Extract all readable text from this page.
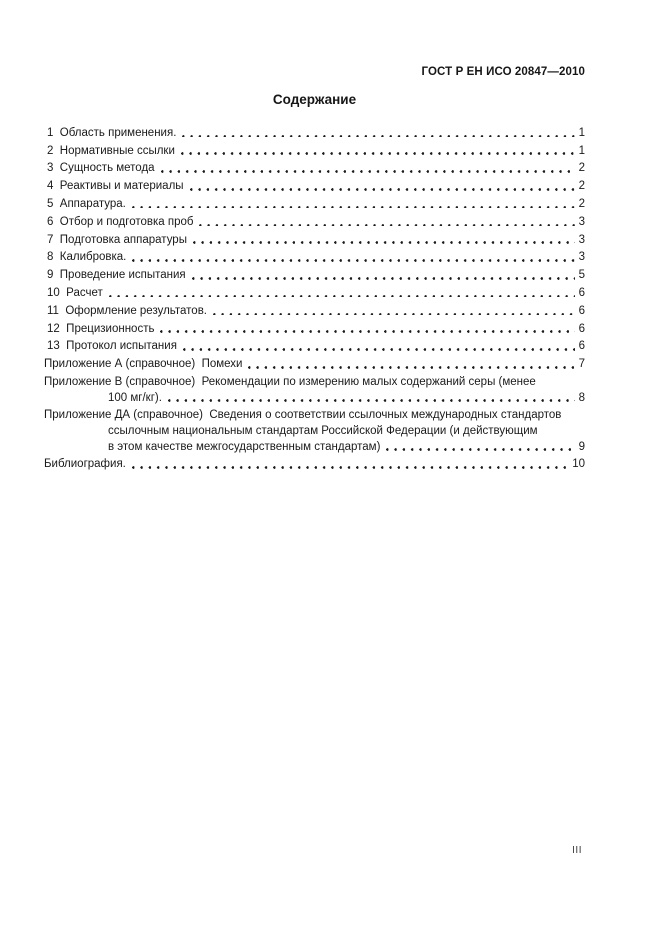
ГОСТ Р ЕН ИСО 20847—2010
Содержание
1  Область применения.	1
2  Нормативные ссылки	1
3  Сущность метода	2
4  Реактивы и материалы	2
5  Аппаратура.	2
6  Отбор и подготовка проб	3
7  Подготовка аппаратуры	3
8  Калибровка.	3
9  Проведение испытания	5
10  Расчет	6
11  Оформление результатов.	6
12  Прецизионность	6
13  Протокол испытания	6
Приложение А (справочное)  Помехи	7
Приложение В (справочное)  Рекомендации по измерению малых содержаний серы (менее
100 мг/кг).	8
Приложение ДА (справочное)  Сведения о соответствии ссылочных международных стандартов
ссылочным национальным стандартам Российской Федерации (и действующим
в этом качестве межгосударственным стандартам)	9
Библиография.	10
III
